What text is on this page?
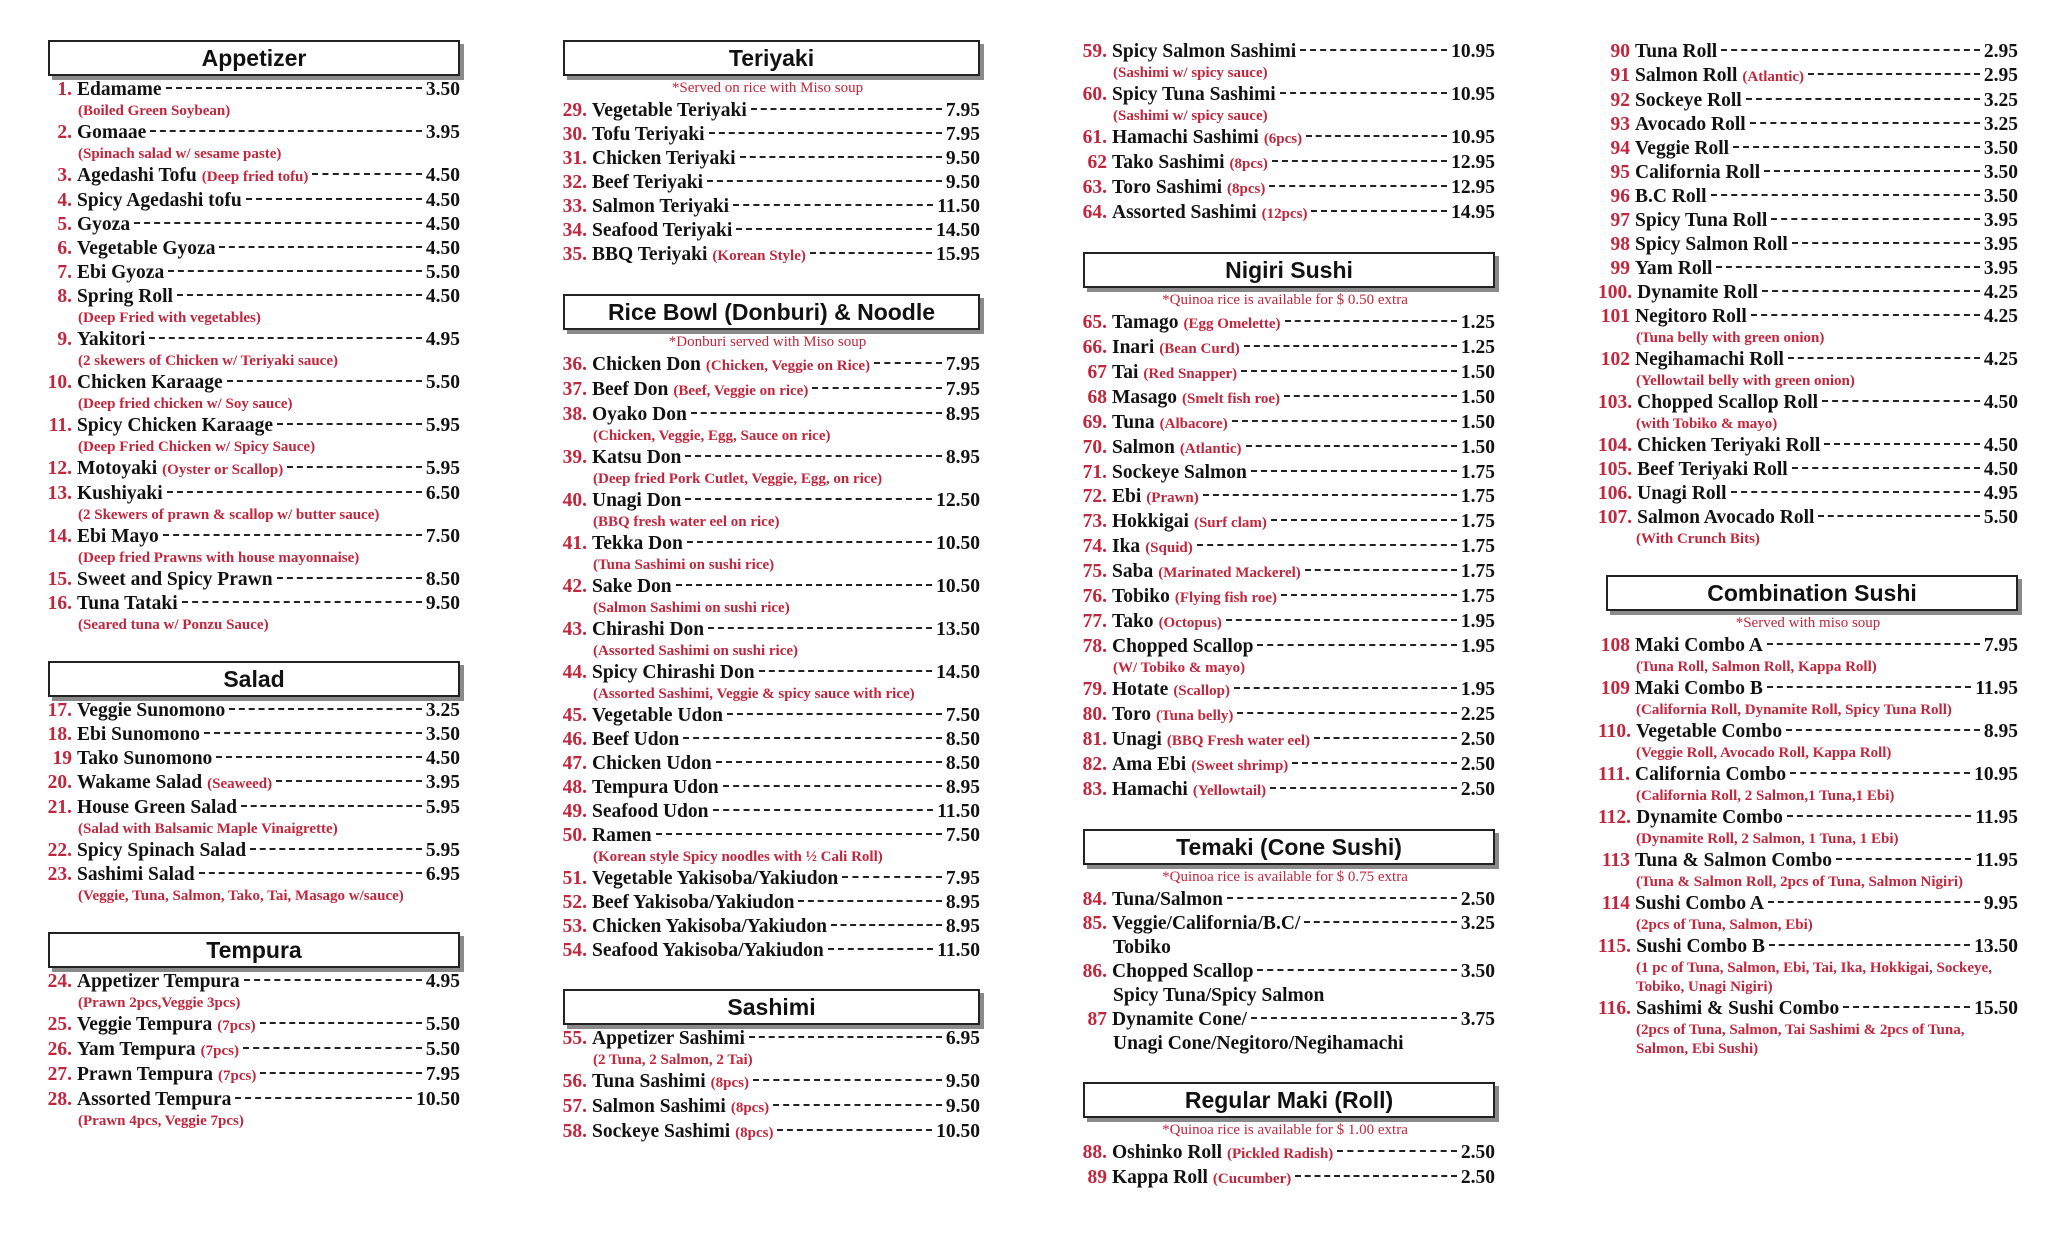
Appetizer
1. Edamame	3.50
(Boiled Green Soybean)
2. Gomaae	3.95
(Spinach salad w/ sesame paste)
3. Agedashi Tofu (Deep fried tofu)	4.50
4. Spicy Agedashi tofu	4.50
5. Gyoza	4.50
6. Vegetable Gyoza	4.50
7. Ebi Gyoza	5.50
8. Spring Roll	4.50
(Deep Fried with vegetables)
9. Yakitori	4.95
(2 skewers of Chicken w/ Teriyaki sauce)
10. Chicken Karaage	5.50
(Deep fried chicken w/ Soy sauce)
11. Spicy Chicken Karaage	5.95
(Deep Fried Chicken w/ Spicy Sauce)
12. Motoyaki (Oyster or Scallop)	5.95
13. Kushiyaki	6.50
(2 Skewers of prawn & scallop w/ butter sauce)
14. Ebi Mayo	7.50
(Deep fried Prawns with house mayonnaise)
15. Sweet and Spicy Prawn	8.50
16. Tuna Tataki	9.50
(Seared tuna w/ Ponzu Sauce)
Salad
17. Veggie Sunomono	3.25
18. Ebi Sunomono	3.50
19 Tako Sunomono	4.50
20. Wakame Salad (Seaweed)	3.95
21. House Green Salad	5.95
(Salad with Balsamic Maple Vinaigrette)
22. Spicy Spinach Salad	5.95
23. Sashimi Salad	6.95
(Veggie, Tuna, Salmon, Tako, Tai, Masago w/sauce)
Tempura
24. Appetizer Tempura	4.95
(Prawn 2pcs,Veggie 3pcs)
25. Veggie Tempura (7pcs)	5.50
26. Yam Tempura (7pcs)	5.50
27. Prawn Tempura (7pcs)	7.95
28. Assorted Tempura	10.50
(Prawn 4pcs, Veggie 7pcs)
Teriyaki
*Served on rice with Miso soup
29. Vegetable Teriyaki	7.95
30. Tofu Teriyaki	7.95
31. Chicken Teriyaki	9.50
32. Beef Teriyaki	9.50
33. Salmon Teriyaki	11.50
34. Seafood Teriyaki	14.50
35. BBQ Teriyaki (Korean Style)	15.95
Rice Bowl (Donburi) & Noodle
*Donburi served with Miso soup
36. Chicken Don (Chicken, Veggie on Rice)	7.95
37. Beef Don (Beef, Veggie on rice)	7.95
38. Oyako Don	8.95
(Chicken, Veggie, Egg, Sauce on rice)
39. Katsu Don	8.95
(Deep fried Pork Cutlet, Veggie, Egg, on rice)
40. Unagi Don	12.50
(BBQ fresh water eel on rice)
41. Tekka Don	10.50
(Tuna Sashimi on sushi rice)
42. Sake Don	10.50
(Salmon Sashimi on sushi rice)
43. Chirashi Don	13.50
(Assorted Sashimi on sushi rice)
44. Spicy Chirashi Don	14.50
(Assorted Sashimi, Veggie & spicy sauce with rice)
45. Vegetable Udon	7.50
46. Beef Udon	8.50
47. Chicken Udon	8.50
48. Tempura Udon	8.95
49. Seafood Udon	11.50
50. Ramen	7.50
(Korean style Spicy noodles with ½ Cali Roll)
51. Vegetable Yakisoba/Yakiudon	7.95
52. Beef Yakisoba/Yakiudon	8.95
53. Chicken Yakisoba/Yakiudon	8.95
54. Seafood Yakisoba/Yakiudon	11.50
Sashimi
55. Appetizer Sashimi	6.95
(2 Tuna, 2 Salmon, 2 Tai)
56. Tuna Sashimi (8pcs)	9.50
57. Salmon Sashimi (8pcs)	9.50
58. Sockeye Sashimi (8pcs)	10.50
59. Spicy Salmon Sashimi	10.95
(Sashimi w/ spicy sauce)
60. Spicy Tuna Sashimi	10.95
(Sashimi w/ spicy sauce)
61. Hamachi Sashimi (6pcs)	10.95
62 Tako Sashimi (8pcs)	12.95
63. Toro Sashimi (8pcs)	12.95
64. Assorted Sashimi (12pcs)	14.95
Nigiri Sushi
*Quinoa rice is available for $ 0.50 extra
65. Tamago (Egg Omelette)	1.25
66. Inari (Bean Curd)	1.25
67 Tai (Red Snapper)	1.50
68 Masago (Smelt fish roe)	1.50
69. Tuna (Albacore)	1.50
70. Salmon (Atlantic)	1.50
71. Sockeye Salmon	1.75
72. Ebi (Prawn)	1.75
73. Hokkigai (Surf clam)	1.75
74. Ika (Squid)	1.75
75. Saba (Marinated Mackerel)	1.75
76. Tobiko (Flying fish roe)	1.75
77. Tako (Octopus)	1.95
78. Chopped Scallop	1.95
(W/ Tobiko & mayo)
79. Hotate (Scallop)	1.95
80. Toro (Tuna belly)	2.25
81. Unagi (BBQ Fresh water eel)	2.50
82. Ama Ebi (Sweet shrimp)	2.50
83. Hamachi (Yellowtail)	2.50
Temaki (Cone Sushi)
*Quinoa rice is available for $ 0.75 extra
84. Tuna/Salmon	2.50
85. Veggie/California/B.C/	3.25
Tobiko
86. Chopped Scallop	3.50
Spicy Tuna/Spicy Salmon
87 Dynamite Cone/	3.75
Unagi Cone/Negitoro/Negihamachi
Regular Maki (Roll)
*Quinoa rice is available for $ 1.00 extra
88. Oshinko Roll (Pickled Radish)	2.50
89 Kappa Roll (Cucumber)	2.50
90 Tuna Roll	2.95
91 Salmon Roll (Atlantic)	2.95
92 Sockeye Roll	3.25
93 Avocado Roll	3.25
94 Veggie Roll	3.50
95 California Roll	3.50
96 B.C Roll	3.50
97 Spicy Tuna Roll	3.95
98 Spicy Salmon Roll	3.95
99 Yam Roll	3.95
100. Dynamite Roll	4.25
101 Negitoro Roll	4.25
(Tuna belly with green onion)
102 Negihamachi Roll	4.25
(Yellowtail belly with green onion)
103. Chopped Scallop Roll	4.50
(with Tobiko & mayo)
104. Chicken Teriyaki Roll	4.50
105. Beef Teriyaki Roll	4.50
106. Unagi Roll	4.95
107. Salmon Avocado Roll	5.50
(With Crunch Bits)
Combination Sushi
*Served with miso soup
108 Maki Combo A	7.95
(Tuna Roll, Salmon Roll, Kappa Roll)
109 Maki Combo B	11.95
(California Roll, Dynamite Roll, Spicy Tuna Roll)
110. Vegetable Combo	8.95
(Veggie Roll, Avocado Roll, Kappa Roll)
111. California Combo	10.95
(California Roll, 2 Salmon,1 Tuna,1 Ebi)
112. Dynamite Combo	11.95
(Dynamite Roll, 2 Salmon, 1 Tuna, 1 Ebi)
113 Tuna & Salmon Combo	11.95
(Tuna & Salmon Roll, 2pcs of Tuna, Salmon Nigiri)
114 Sushi Combo A	9.95
(2pcs of Tuna, Salmon, Ebi)
115. Sushi Combo B	13.50
(1 pc of Tuna, Salmon, Ebi, Tai, Ika, Hokkigai, Sockeye, Tobiko, Unagi Nigiri)
116. Sashimi & Sushi Combo	15.50
(2pcs of Tuna, Salmon, Tai Sashimi & 2pcs of Tuna, Salmon, Ebi Sushi)
